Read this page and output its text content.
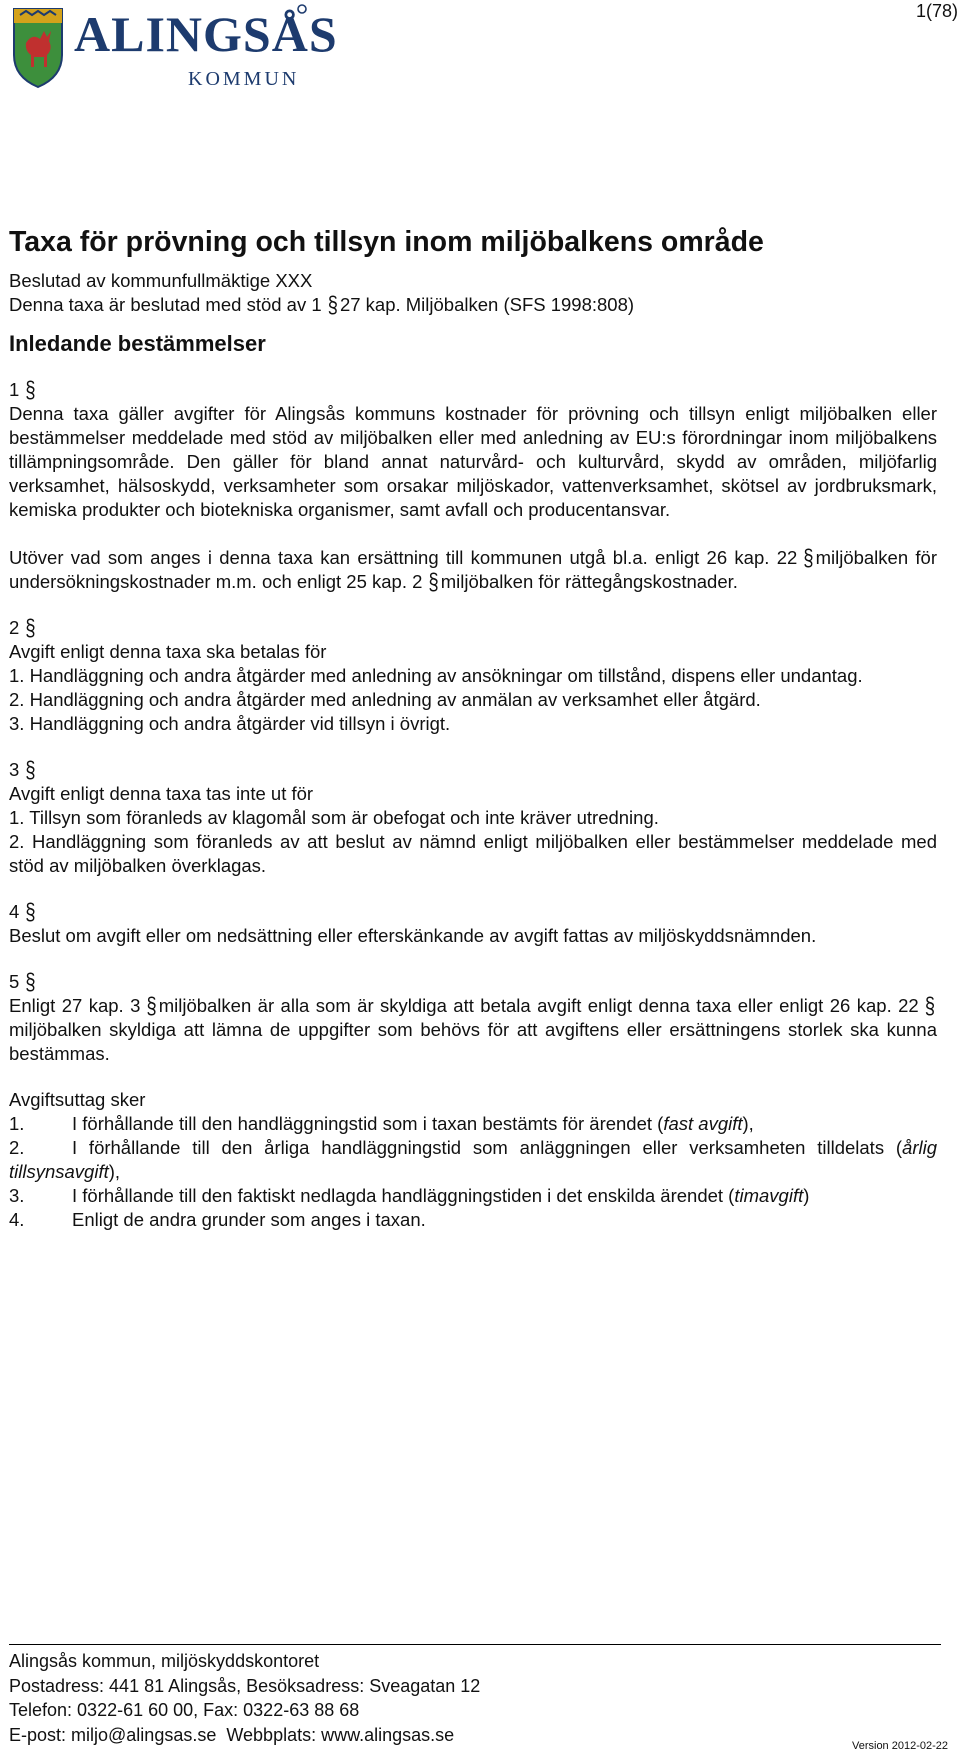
1(78)
ALINGSÅS
KOMMUN
Taxa för prövning och tillsyn inom miljöbalkens område

Beslutad av kommunfullmäktige XXX

Denna taxa är beslutad med stöd av 1 § 27 kap. Miljöbalken (SFS 1998:808)

Inledande bestämmelser

1 §

Denna taxa gäller avgifter för Alingsås kommuns kostnader för prövning och tillsyn enligt miljöbalken eller bestämmelser meddelade med stöd av miljöbalken eller med anledning av EU:s förordningar inom miljöbalkens tillämpningsområde. Den gäller för bland annat naturvård- och kulturvård, skydd av områden, miljöfarlig verksamhet, hälsoskydd, verksamheter som orsakar miljöskador, vattenverksamhet, skötsel av jordbruksmark, kemiska produkter och biotekniska organismer, samt avfall och producentansvar.

Utöver vad som anges i denna taxa kan ersättning till kommunen utgå bl.a. enligt 26 kap. 22 § miljöbalken för undersökningskostnader m.m. och enligt 25 kap. 2 § miljöbalken för rättegångskostnader.

2 §

Avgift enligt denna taxa ska betalas för

1. Handläggning och andra åtgärder med anledning av ansökningar om tillstånd, dispens eller undantag.

2. Handläggning och andra åtgärder med anledning av anmälan av verksamhet eller åtgärd.

3. Handläggning och andra åtgärder vid tillsyn i övrigt.

3 §

Avgift enligt denna taxa tas inte ut för

1. Tillsyn som föranleds av klagomål som är obefogat och inte kräver utredning.

2. Handläggning som föranleds av att beslut av nämnd enligt miljöbalken eller bestämmelser meddelade med stöd av miljöbalken överklagas.

4 §

Beslut om avgift eller om nedsättning eller efterskänkande av avgift fattas av miljöskyddsnämnden.

5 §

Enligt 27 kap. 3 § miljöbalken är alla som är skyldiga att betala avgift enligt denna taxa eller enligt 26 kap. 22 §miljöbalken skyldiga att lämna de uppgifter som behövs för att avgiftens eller ersättningens storlek ska kunna bestämmas.

Avgiftsuttag sker

1.	I förhållande till den handläggningstid som i taxan bestämts för ärendet (fast avgift),

2.	I förhållande till den årliga handläggningstid som anläggningen eller verksamheten tilldelats (årlig tillsynsavgift),

3.	I förhållande till den faktiskt nedlagda handläggningstiden i det enskilda ärendet (timavgift)

4.	Enligt de andra grunder som anges i taxan.

Alingsås kommun, miljöskyddskontoret
Postadress: 441 81 Alingsås, Besöksadress: Sveagatan 12
Telefon: 0322-61 60 00, Fax: 0322-63 88 68
E-post: miljo@alingsas.se Webbplats: www.alingsas.se
Version 2012-02-22
